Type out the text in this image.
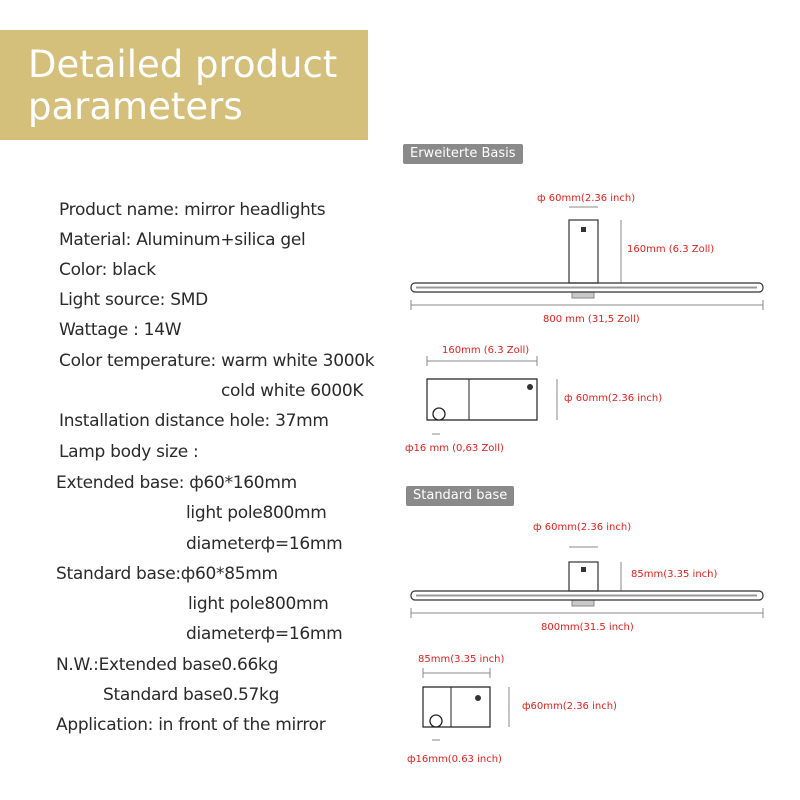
Detailed product
parameters
Product name: mirror headlights
Material: Aluminum+silica gel
Color: black
Light source: SMD
Wattage : 14W
Color temperature: warm white 3000k
cold white 6000K
Installation distance hole: 37mm
Lamp body size :
Extended base: ф60*160mm
light pole800mm
diameterф=16mm
Standard base:ф60*85mm
light pole800mm
diameterф=16mm
N.W.:Extended base0.66kg
Standard base0.57kg
Application: in front of the mirror
Erweiterte Basis
ф 60mm(2.36 inch)
160mm (6.3 Zoll)
800 mm (31,5 Zoll)
160mm (6.3 Zoll)
ф 60mm(2.36 inch)
ф16 mm (0,63 Zoll)
Standard base
ф 60mm(2.36 inch)
85mm(3.35 inch)
800mm(31.5 inch)
85mm(3.35 inch)
ф60mm(2.36 inch)
ф16mm(0.63 inch)
